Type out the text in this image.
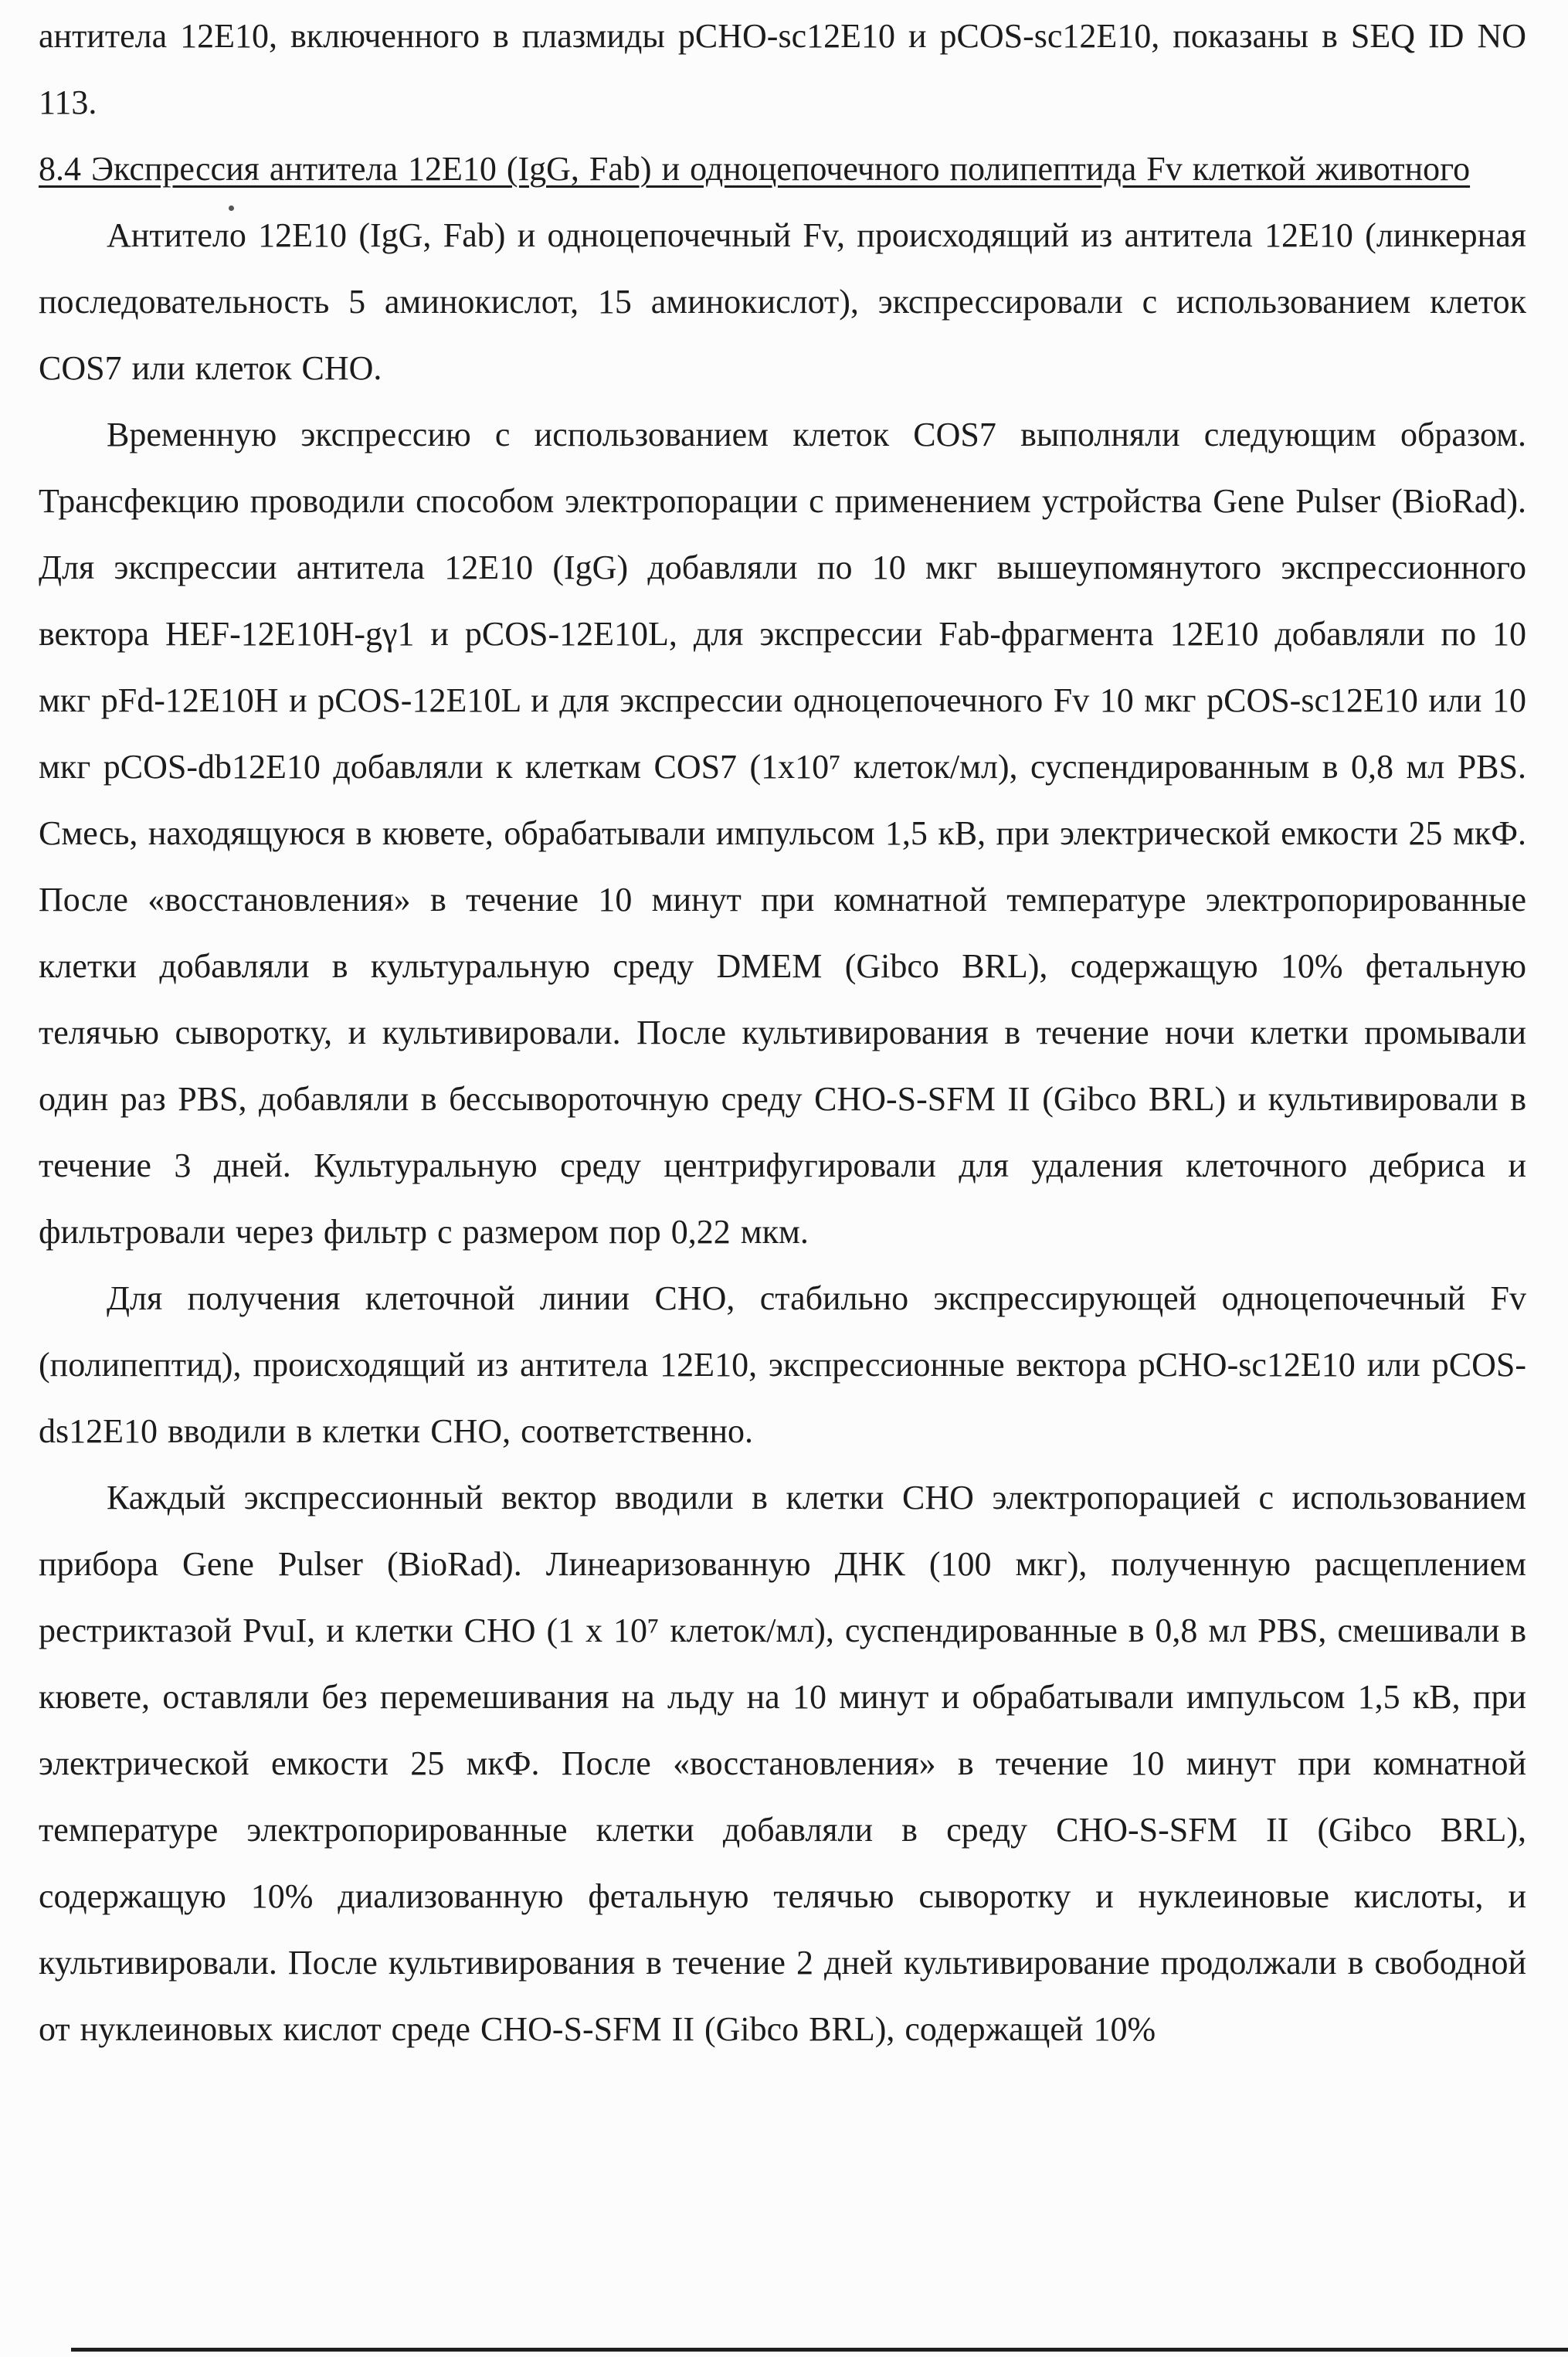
антитела 12E10, включенного в плазмиды pCHO-sc12E10 и pCOS-sc12E10, показаны в SEQ ID NO 113.

8.4 Экспрессия антитела 12E10 (IgG, Fab) и одноцепочечного полипептида Fv клеткой животного

Антитело 12E10 (IgG, Fab) и одноцепочечный Fv, происходящий из антитела 12E10 (линкерная последовательность 5 аминокислот, 15 аминокислот), экспрессировали с использованием клеток COS7 или клеток CHO.

Временную экспрессию с использованием клеток COS7 выполняли следующим образом. Трансфекцию проводили способом электропорации с применением устройства Gene Pulser (BioRad). Для экспрессии антитела 12E10 (IgG) добавляли по 10 мкг вышеупомянутого экспрессионного вектора HEF-12E10H-gγ1 и pCOS-12E10L, для экспрессии Fab-фрагмента 12E10 добавляли по 10 мкг pFd-12E10H и pCOS-12E10L и для экспрессии одноцепочечного Fv 10 мкг pCOS-sc12E10 или 10 мкг pCOS-db12E10 добавляли к клеткам COS7 (1x10⁷ клеток/мл), суспендированным в 0,8 мл PBS. Смесь, находящуюся в кювете, обрабатывали импульсом 1,5 кВ, при электрической емкости 25 мкФ. После «восстановления» в течение 10 минут при комнатной температуре электропорированные клетки добавляли в культуральную среду DMEM (Gibco BRL), содержащую 10% фетальную телячью сыворотку, и культивировали. После культивирования в течение ночи клетки промывали один раз PBS, добавляли в бессывороточную среду CHO-S-SFM II (Gibco BRL) и культивировали в течение 3 дней. Культуральную среду центрифугировали для удаления клеточного дебриса и фильтровали через фильтр с размером пор 0,22 мкм.

Для получения клеточной линии CHO, стабильно экспрессирующей одноцепочечный Fv (полипептид), происходящий из антитела 12E10, экспрессионные вектора pCHO-sc12E10 или pCOS-ds12E10 вводили в клетки CHO, соответственно.

Каждый экспрессионный вектор вводили в клетки CHO электропорацией с использованием прибора Gene Pulser (BioRad). Линеаризованную ДНК (100 мкг), полученную расщеплением рестриктазой PvuI, и клетки CHO (1 x 10⁷ клеток/мл), суспендированные в 0,8 мл PBS, смешивали в кювете, оставляли без перемешивания на льду на 10 минут и обрабатывали импульсом 1,5 кВ, при электрической емкости 25 мкФ. После «восстановления» в течение 10 минут при комнатной температуре электропорированные клетки добавляли в среду CHO-S-SFM II (Gibco BRL), содержащую 10% диализованную фетальную телячью сыворотку и нуклеиновые кислоты, и культивировали. После культивирования в течение 2 дней культивирование продолжали в свободной от нуклеиновых кислот среде CHO-S-SFM II (Gibco BRL), содержащей 10%
